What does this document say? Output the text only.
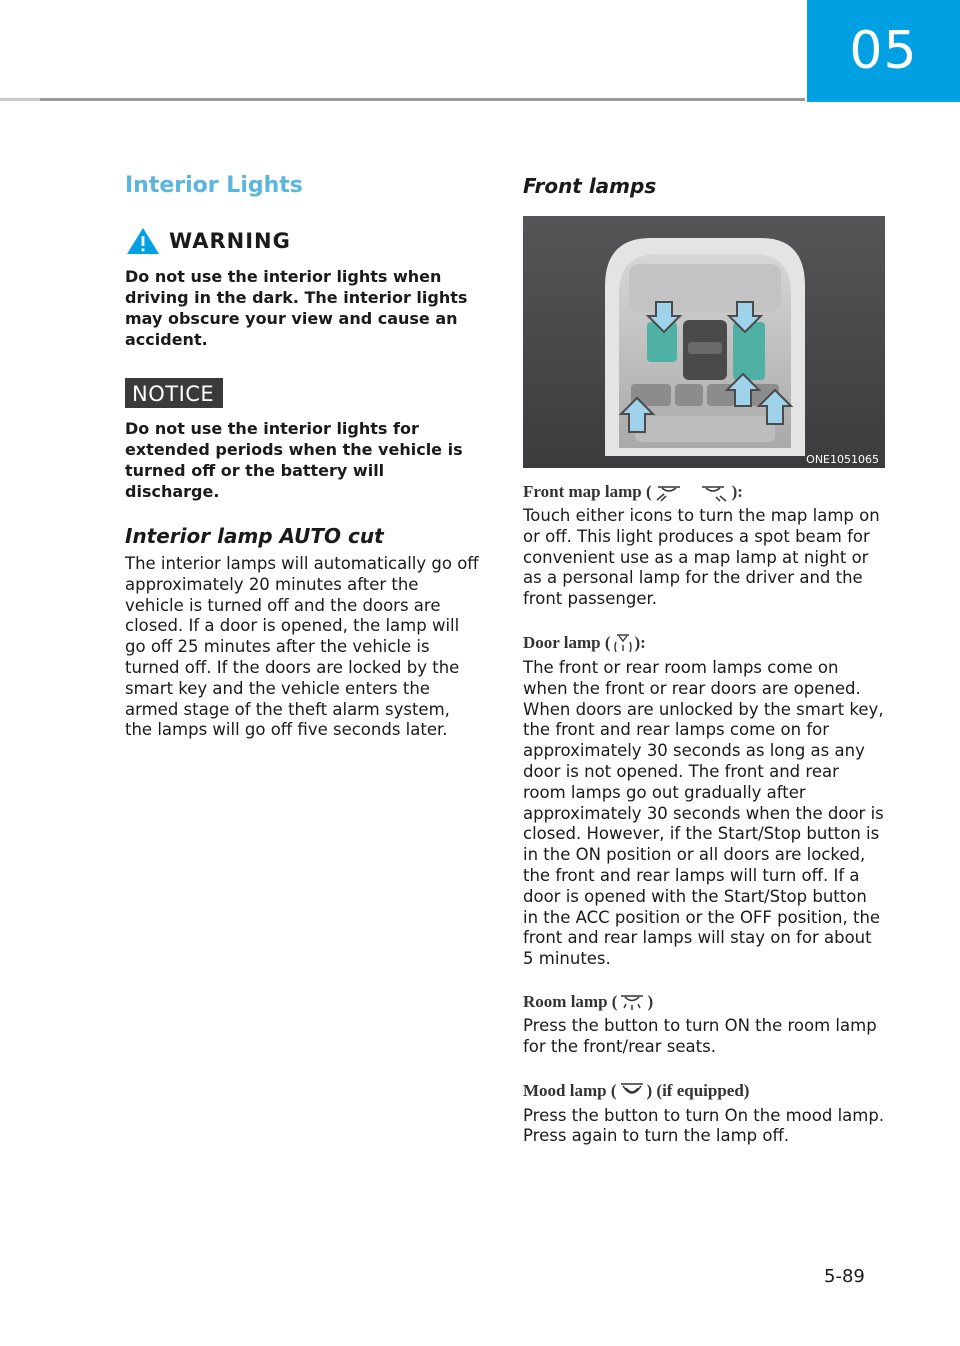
05
Interior Lights
WARNING

Do not use the interior lights when driving in the dark. The interior lights may obscure your view and cause an accident.

NOTICE

Do not use the interior lights for extended periods when the vehicle is turned off or the battery will discharge.

Interior lamp AUTO cut

The interior lamps will automatically go off approximately 20 minutes after the vehicle is turned off and the doors are closed. If a door is opened, the lamp will go off 25 minutes after the vehicle is turned off. If the doors are locked by the smart key and the vehicle enters the armed stage of the theft alarm system, the lamps will go off five seconds later.

Front lamps
ONE1051065
Front map lamp (	):

Touch either icons to turn the map lamp on or off. This light produces a spot beam for convenient use as a map lamp at night or as a personal lamp for the driver and the front passenger.

Door lamp ( ):

The front or rear room lamps come on when the front or rear doors are opened. When doors are unlocked by the smart key, the front and rear lamps come on for approximately 30 seconds as long as any door is not opened. The front and rear room lamps go out gradually after approximately 30 seconds when the door is closed. However, if the Start/Stop button is in the ON position or all doors are locked, the front and rear lamps will turn off. If a door is opened with the Start/Stop button in the ACC position or the OFF position, the front and rear lamps will stay on for about 5 minutes.

Room lamp ( )

Press the button to turn ON the room lamp for the front/rear seats.

Mood lamp ( ) (if equipped)

Press the button to turn On the mood lamp. Press again to turn the lamp off.

5-89
